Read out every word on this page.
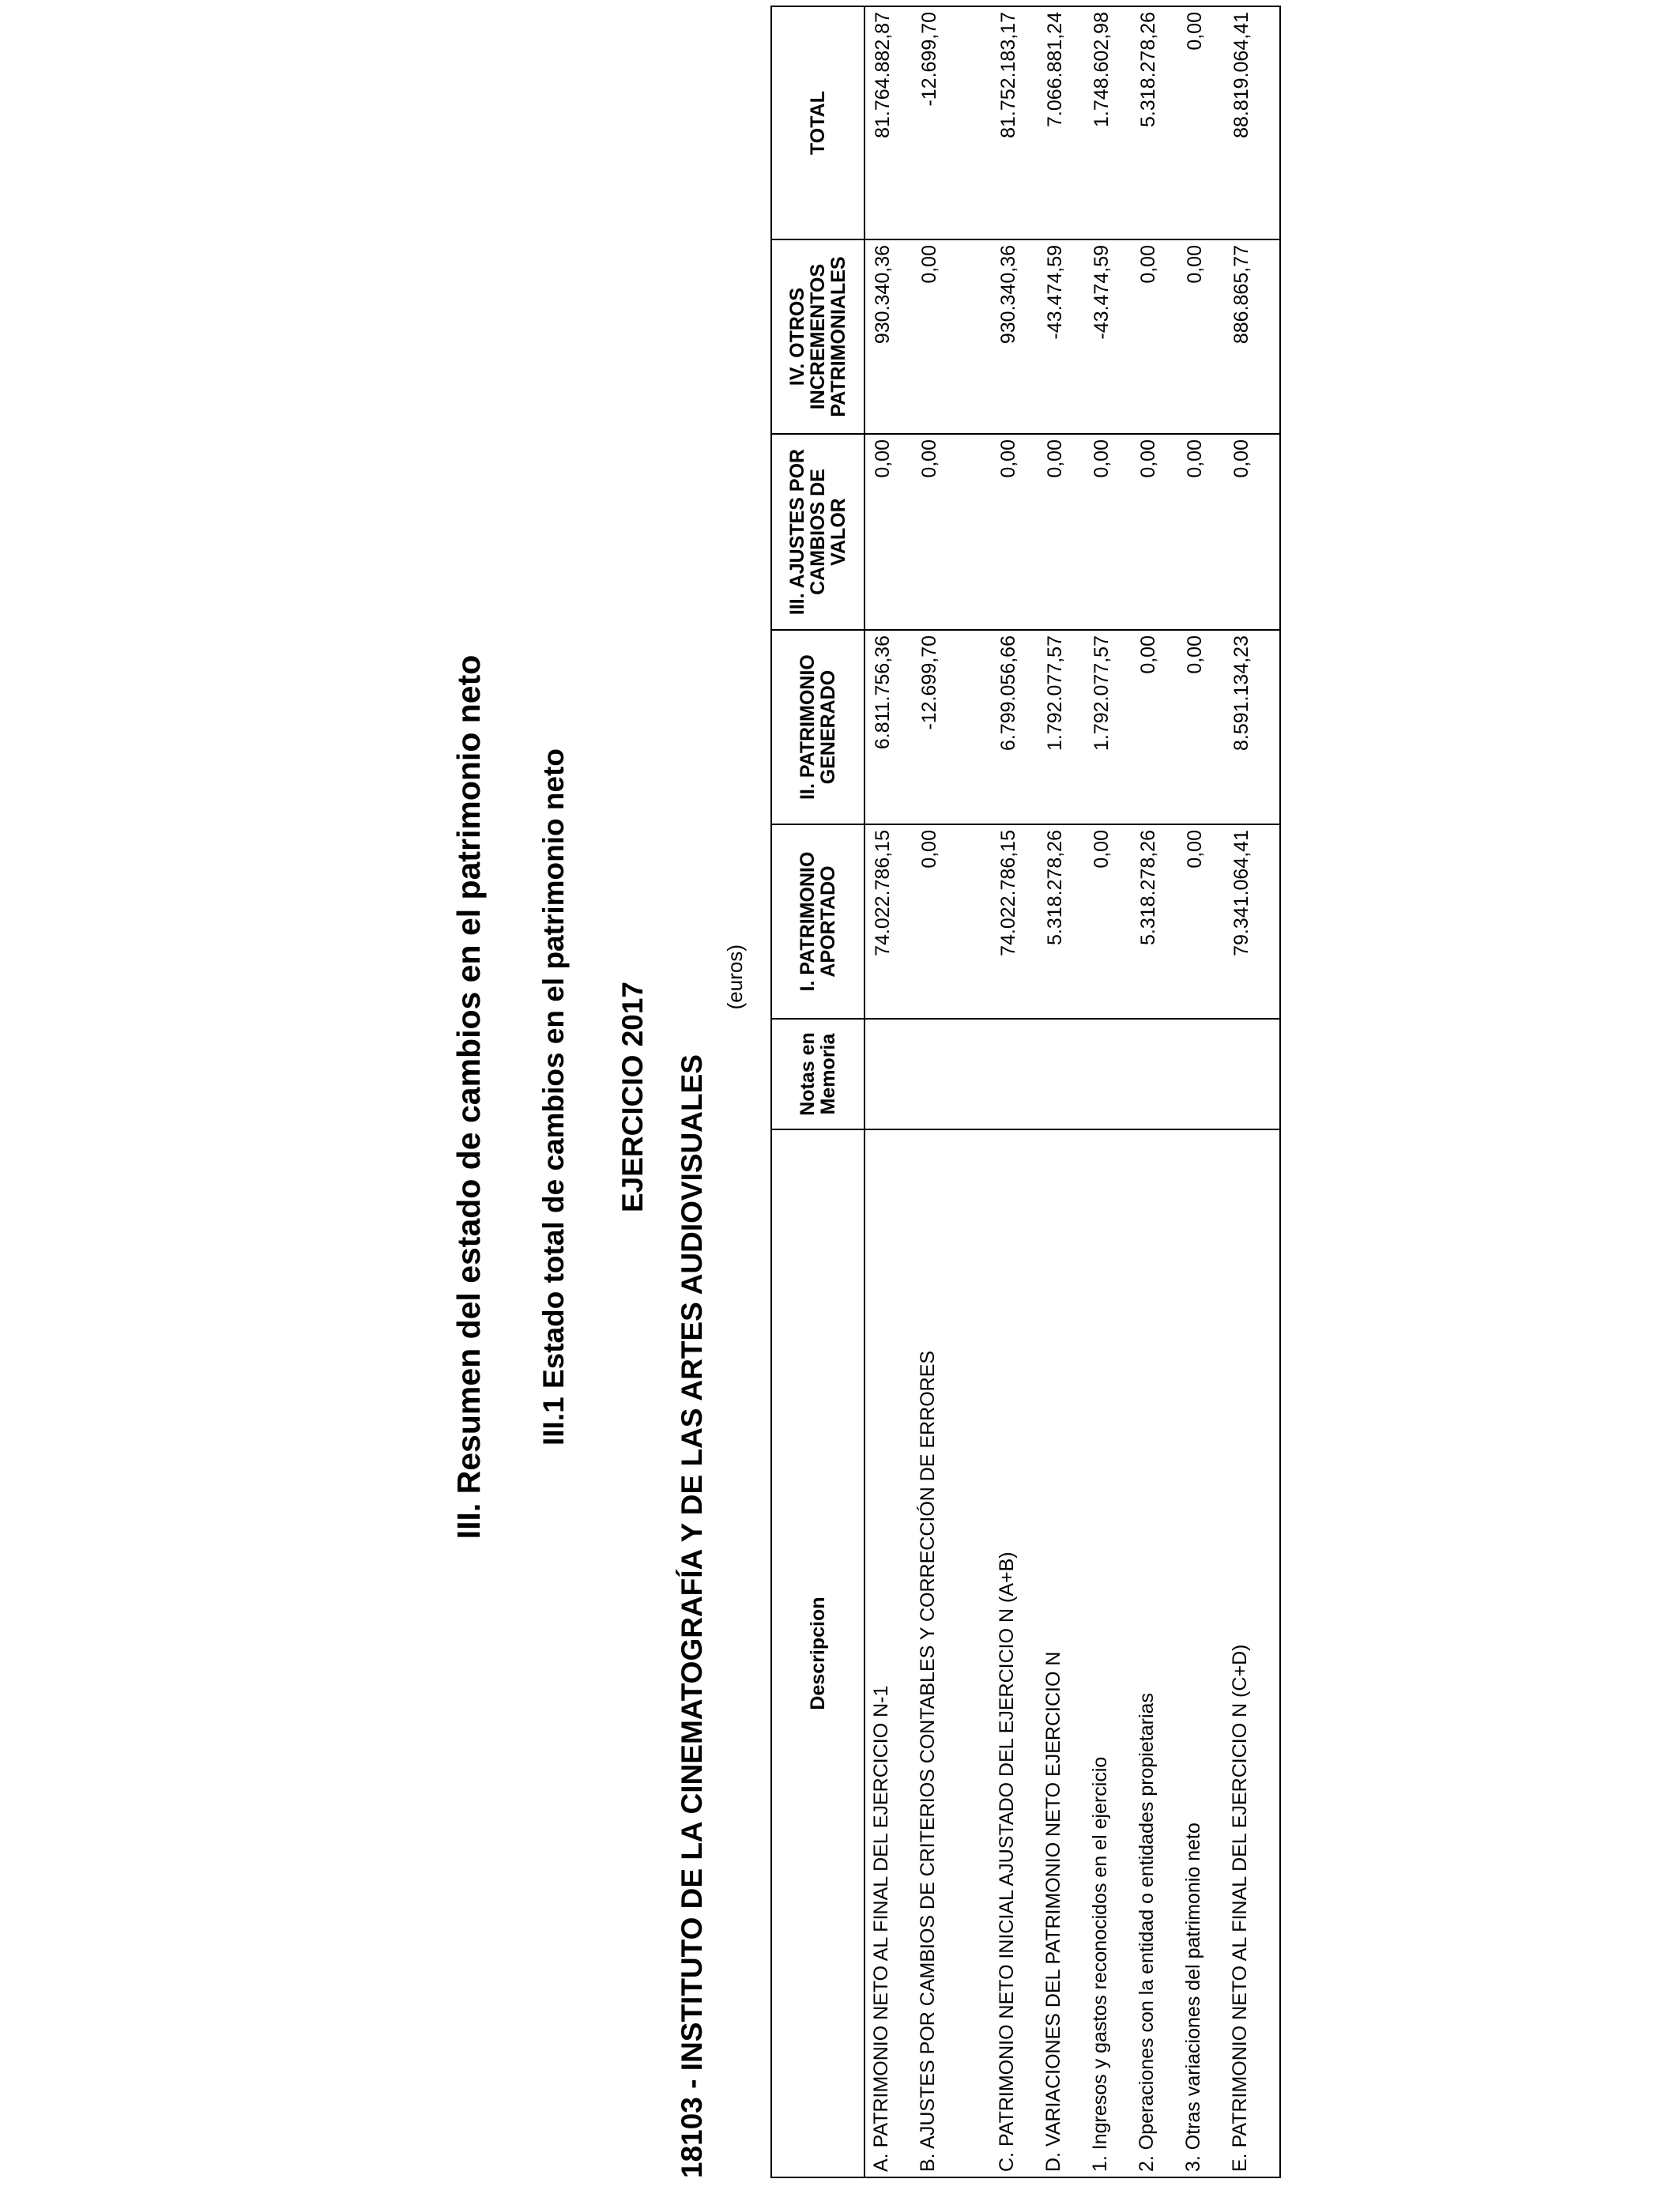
III. Resumen del estado de cambios en el patrimonio neto III.1 Estado total de cambios en el patrimonio neto EJERCICIO 2017 18103 - INSTITUTO DE LA CINEMATOGRAFÍA Y DE LAS ARTES AUDIOVISUALES
(euros)
Descripcion	Notas en Memoria	I. PATRIMONIO APORTADO	II. PATRIMONIO GENERADO	III. AJUSTES POR CAMBIOS DE VALOR	IV. OTROS INCREMENTOS PATRIMONIALES	TOTAL
A. PATRIMONIO NETO AL FINAL DEL EJERCICIO N-1		74.022.786,15	6.811.756,36	0,00	930.340,36	81.764.882,87
B. AJUSTES POR CAMBIOS DE CRITERIOS CONTABLES Y CORRECCIÓN DE ERRORES		0,00	-12.699,70	0,00	0,00	-12.699,70
C. PATRIMONIO NETO INICIAL AJUSTADO DEL EJERCICIO N (A+B)		74.022.786,15	6.799.056,66	0,00	930.340,36	81.752.183,17
D. VARIACIONES DEL PATRIMONIO NETO EJERCICIO N		5.318.278,26	1.792.077,57	0,00	-43.474,59	7.066.881,24
1. Ingresos y gastos reconocidos en el ejercicio		0,00	1.792.077,57	0,00	-43.474,59	1.748.602,98
2. Operaciones con la entidad o entidades propietarias		5.318.278,26	0,00	0,00	0,00	5.318.278,26
3. Otras variaciones del patrimonio neto		0,00	0,00	0,00	0,00	0,00
E. PATRIMONIO NETO AL FINAL DEL EJERCICIO N (C+D)		79.341.064,41	8.591.134,23	0,00	886.865,77	88.819.064,41
